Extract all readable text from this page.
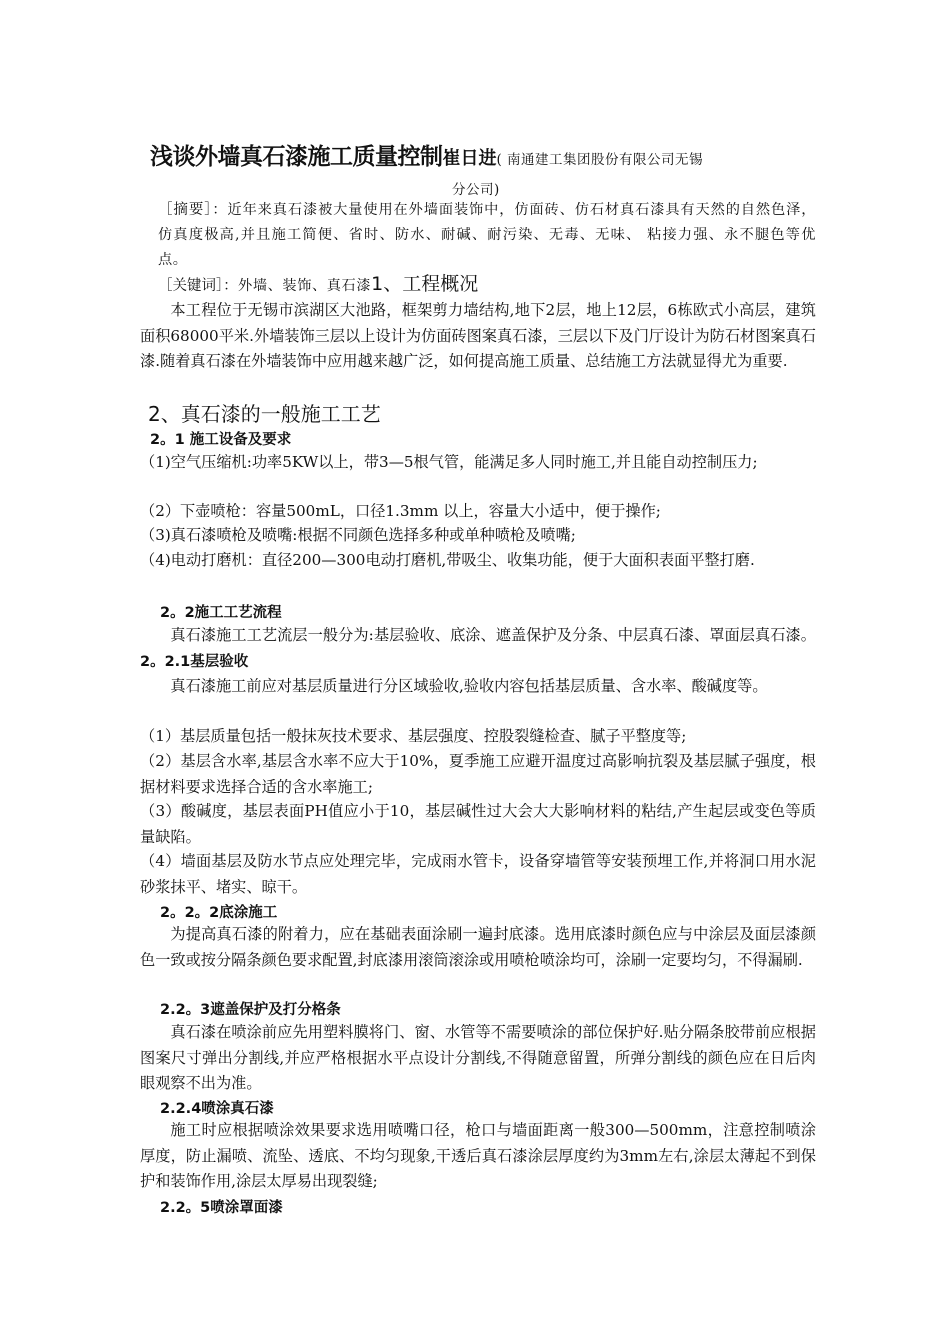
浅谈外墙真石漆施工质量控制崔日进( 南通建工集团股份有限公司无锡
分公司)
［摘要］：近年来真石漆被大量使用在外墙面装饰中，仿面砖、仿石材真石漆具有天然的自然色泽，仿真度极高,并且施工简便、省时、防水、耐碱、耐污染、无毒、无味、 粘接力强、永不腿色等优点。
［关键词］：外墙、装饰、真石漆1、工程概况
本工程位于无锡市滨湖区大池路，框架剪力墙结构,地下2层，地上12层，6栋欧式小高层，建筑面积68000平米.外墙装饰三层以上设计为仿面砖图案真石漆，三层以下及门厅设计为防石材图案真石漆.随着真石漆在外墙装饰中应用越来越广泛，如何提高施工质量、总结施工方法就显得尤为重要.
2、真石漆的一般施工工艺
2。1 施工设备及要求
（1)空气压缩机:功率5KW以上，带3—5根气管，能满足多人同时施工,并且能自动控制压力;
（2）下壶喷枪：容量500mL，口径1.3mm 以上，容量大小适中，便于操作;
（3)真石漆喷枪及喷嘴:根据不同颜色选择多种或单种喷枪及喷嘴;
（4)电动打磨机：直径200—300电动打磨机,带吸尘、收集功能，便于大面积表面平整打磨.
2。2施工工艺流程
真石漆施工工艺流层一般分为:基层验收、底涂、遮盖保护及分条、中层真石漆、罩面层真石漆。2。2.1基层验收
真石漆施工前应对基层质量进行分区域验收,验收内容包括基层质量、含水率、酸碱度等。
（1）基层质量包括一般抹灰技术要求、基层强度、控股裂缝检查、腻子平整度等;
（2）基层含水率,基层含水率不应大于10%，夏季施工应避开温度过高影响抗裂及基层腻子强度，根据材料要求选择合适的含水率施工;
（3）酸碱度，基层表面PH值应小于10，基层碱性过大会大大影响材料的粘结,产生起层或变色等质量缺陷。
（4）墙面基层及防水节点应处理完毕，完成雨水管卡，设备穿墙管等安装预埋工作,并将洞口用水泥砂浆抹平、堵实、晾干。
2。2。2底涂施工
为提高真石漆的附着力，应在基础表面涂刷一遍封底漆。选用底漆时颜色应与中涂层及面层漆颜色一致或按分隔条颜色要求配置,封底漆用滚筒滚涂或用喷枪喷涂均可，涂刷一定要均匀，不得漏刷.
2.2。3遮盖保护及打分格条
真石漆在喷涂前应先用塑料膜将门、窗、水管等不需要喷涂的部位保护好.贴分隔条胶带前应根据图案尺寸弹出分割线,并应严格根据水平点设计分割线,不得随意留置，所弹分割线的颜色应在日后肉眼观察不出为准。
2.2.4喷涂真石漆
施工时应根据喷涂效果要求选用喷嘴口径，枪口与墙面距离一般300—500mm，注意控制喷涂厚度，防止漏喷、流坠、透底、不均匀现象,干透后真石漆涂层厚度约为3mm左右,涂层太薄起不到保护和装饰作用,涂层太厚易出现裂缝;
2.2。5喷涂罩面漆
